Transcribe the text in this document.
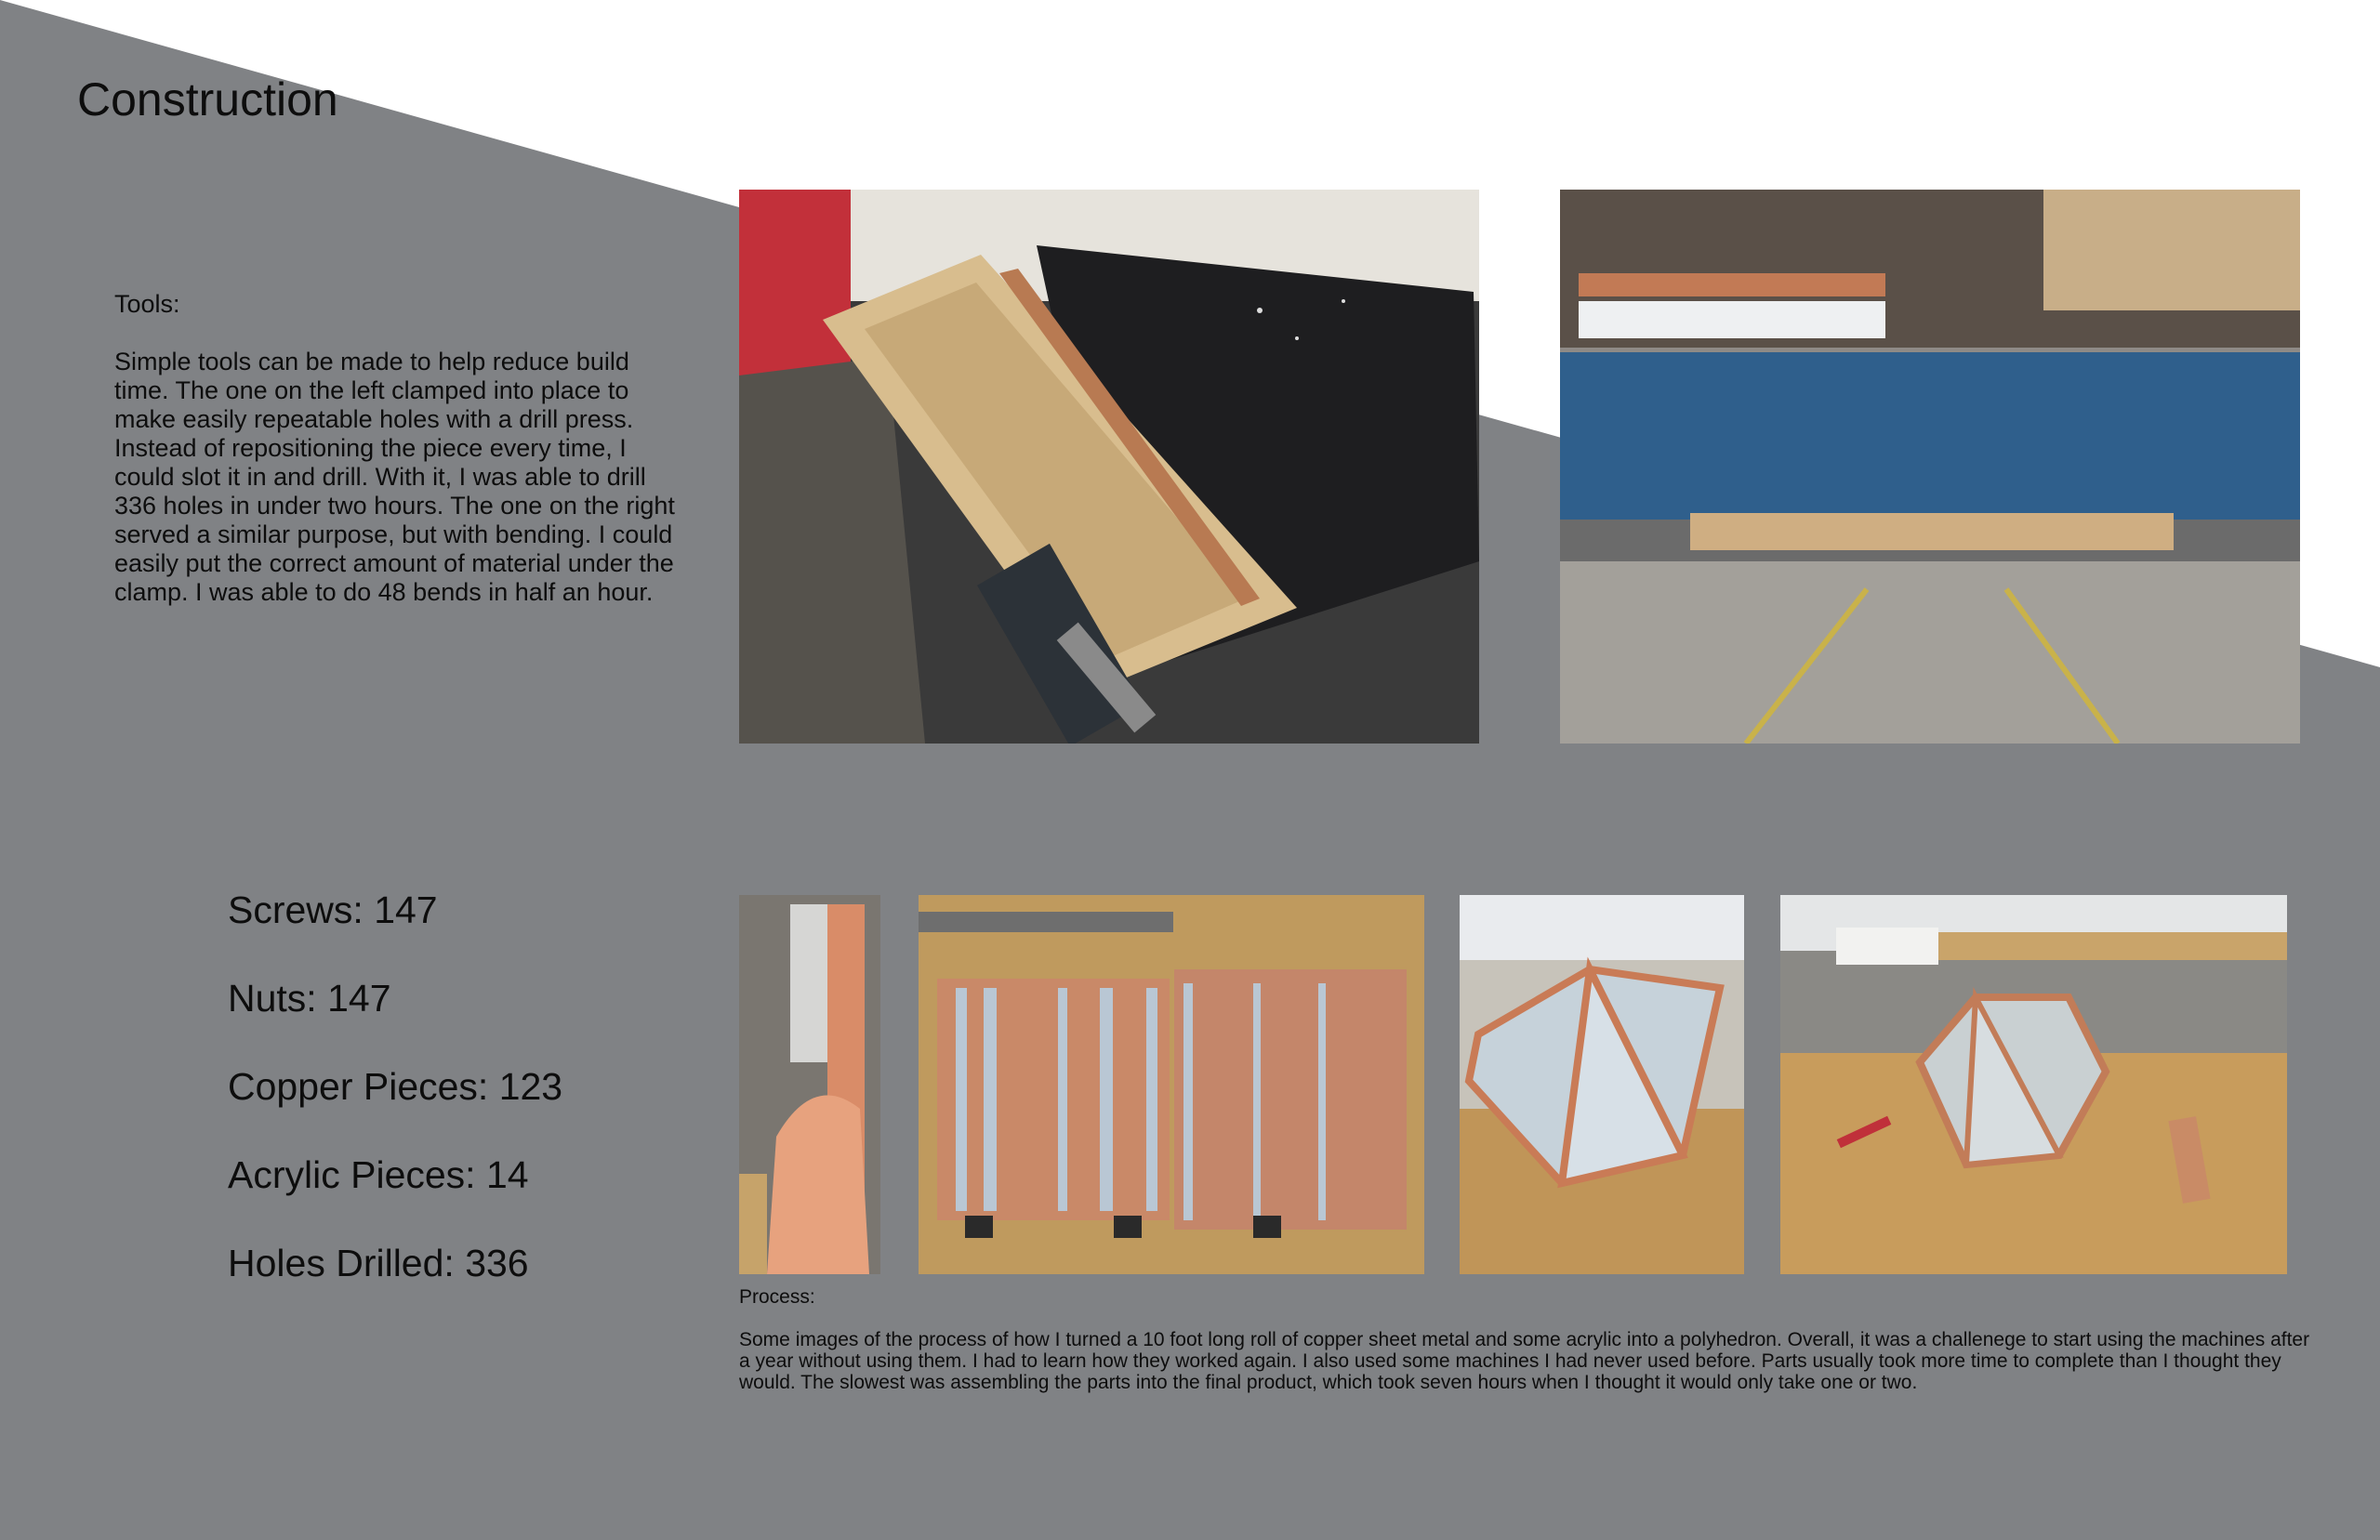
Construction
Tools:
Simple tools can be made to help reduce build time. The one on the left clamped into place to make easily repeatable holes with a drill press. Instead of repositioning the piece every time, I could slot it in and drill. With it, I was able to drill 336 holes in under two hours. The one on the right served a similar purpose, but with bending. I could easily put the correct amount of material under the clamp. I was able to do 48 bends in half an hour.
Screws: 147
Nuts: 147
Copper Pieces: 123
Acrylic Pieces: 14
Holes Drilled: 336
Process:
Some images of the process of how I turned a 10 foot long roll of copper sheet metal and some acrylic into a polyhedron. Overall, it was a challenege to start using the machines after a year without using them. I had to learn how they worked again. I also used some machines I had never used before. Parts usually took more time to complete than I thought they would. The slowest was assembling the parts into the final product, which took seven hours when I thought it would only take one or two.
